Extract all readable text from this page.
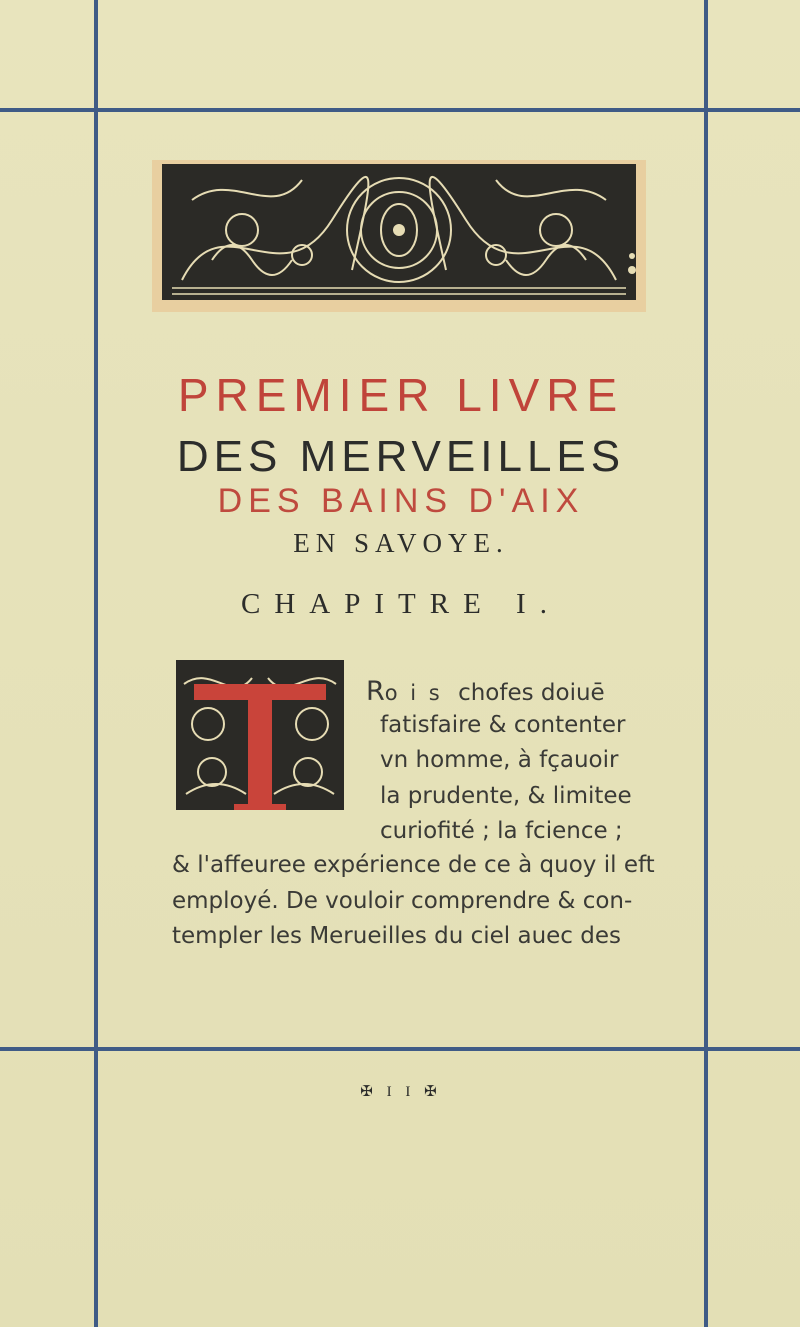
PREMIER LIVRE
DES MERVEILLES
DES BAINS D'AIX
EN SAVOYE.
CHAPITRE I.
Ro i s chofes doiuē
fatisfaire & contenter
vn homme, à fçauoir
la prudente, & limitee
curiofité ; la fcience ;
& l'affeuree expérience de ce à quoy il eft
employé. De vouloir comprendre & con-
templer les Merueilles du ciel auec des
✠ I I ✠
